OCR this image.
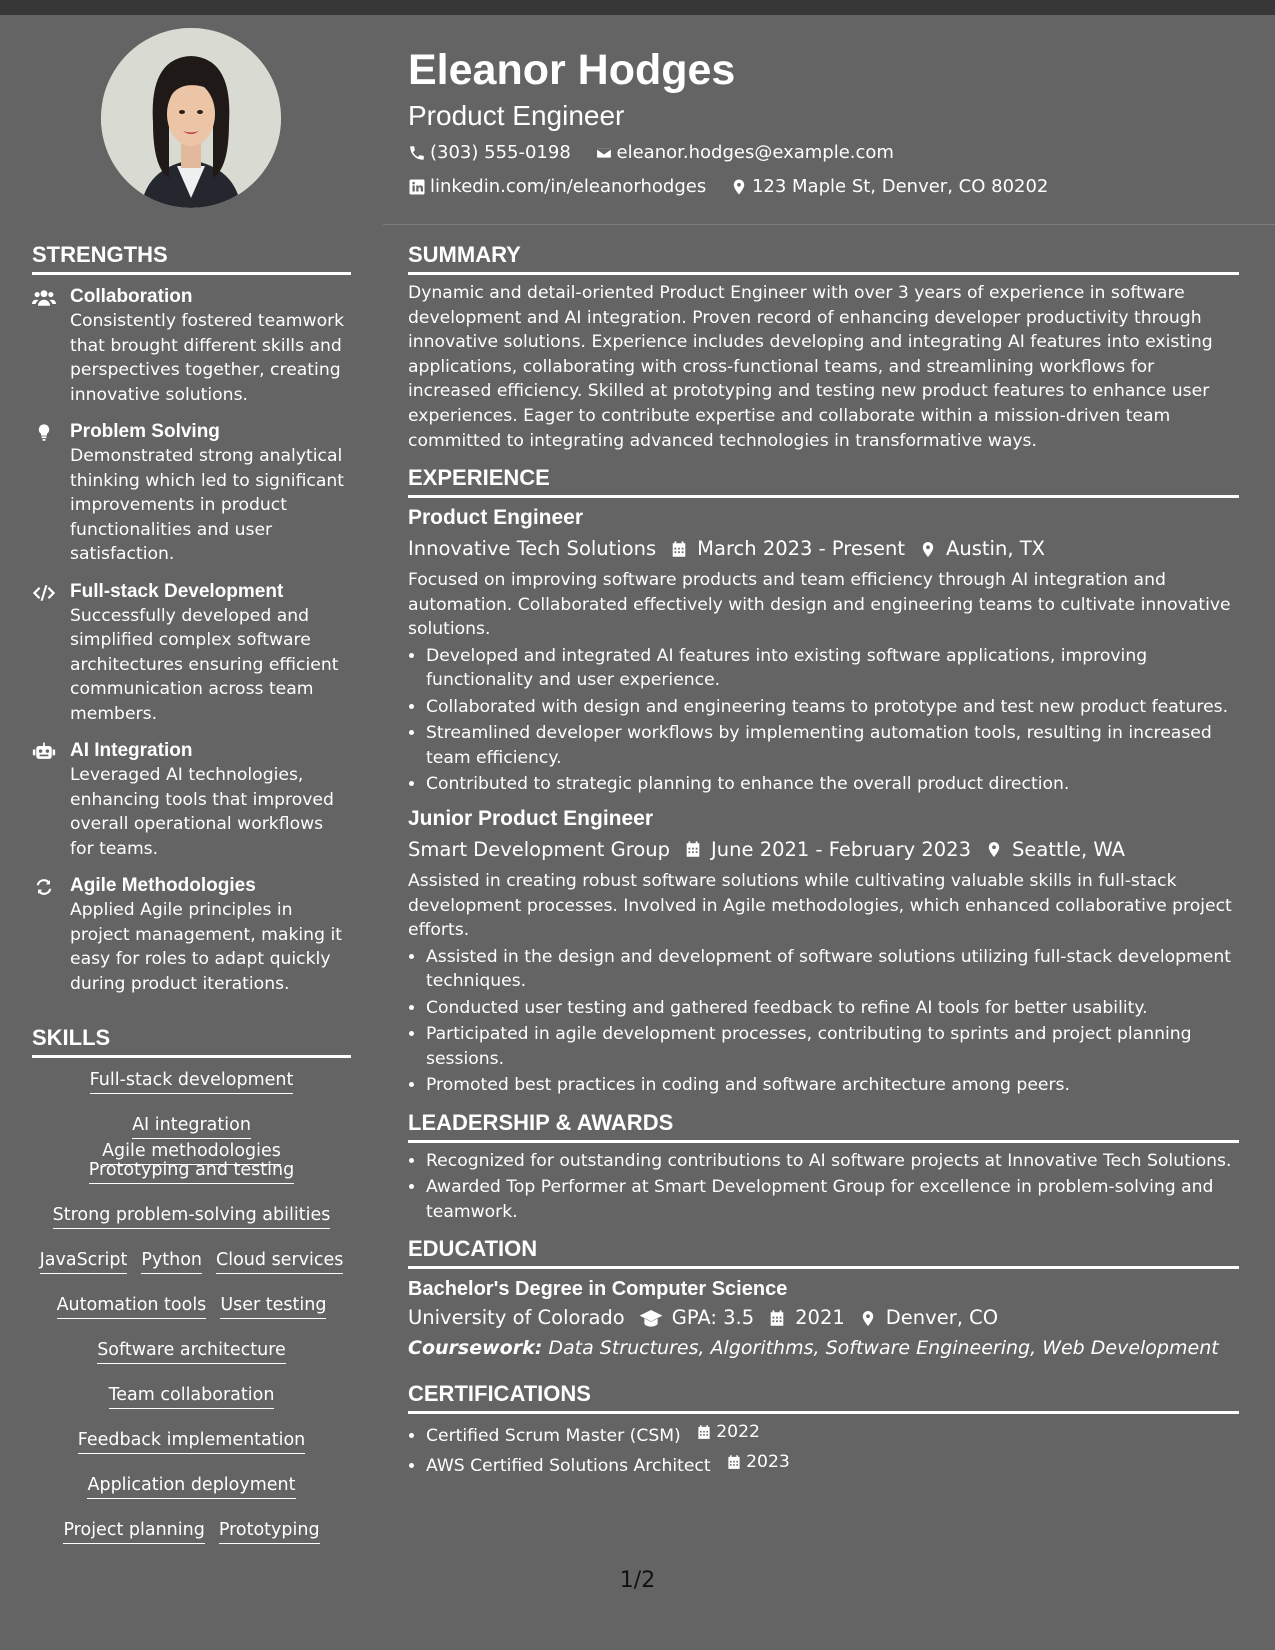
Eleanor Hodges
Product Engineer
(303) 555-0198
	eleanor.hodges@example.com
linkedin.com/in/eleanorhodges
	123 Maple St, Denver, CO 80202
STRENGTHS
Collaboration
Consistently fostered teamwork that brought different skills and perspectives together, creating innovative solutions.
Problem Solving
Demonstrated strong analytical thinking which led to significant improvements in product functionalities and user satisfaction.
Full-stack Development
Successfully developed and simplified complex software architectures ensuring efficient communication across team members.
AI Integration
Leveraged AI technologies, enhancing tools that improved overall operational workflows for teams.
Agile Methodologies
Applied Agile principles in project management, making it easy for roles to adapt quickly during product iterations.
SKILLS
Full-stack development
AI integrationAgile methodologies
Prototyping and testing
Strong problem-solving abilities
JavaScript Python Cloud services
Automation tools User testing
Software architecture
Team collaboration
Feedback implementation
Application deployment
Project planning Prototyping
SUMMARY

Dynamic and detail-oriented Product Engineer with over 3 years of experience in software development and AI integration. Proven record of enhancing developer productivity through innovative solutions. Experience includes developing and integrating AI features into existing applications, collaborating with cross-functional teams, and streamlining workflows for increased efficiency. Skilled at prototyping and testing new product features to enhance user experiences. Eager to contribute expertise and collaborate within a mission-driven team committed to integrating advanced technologies in transformative ways.

EXPERIENCE
Product Engineer
Innovative Tech Solutions March 2023 - Present Austin, TX

Focused on improving software products and team efficiency through AI integration and automation. Collaborated effectively with design and engineering teams to cultivate innovative solutions.

• Developed and integrated AI features into existing software applications, improving functionality and user experience.
• Collaborated with design and engineering teams to prototype and test new product features.
• Streamlined developer workflows by implementing automation tools, resulting in increased team efficiency.
• Contributed to strategic planning to enhance the overall product direction.
Junior Product Engineer
Smart Development Group June 2021 - February 2023 Seattle, WA

Assisted in creating robust software solutions while cultivating valuable skills in full-stack development processes. Involved in Agile methodologies, which enhanced collaborative project efforts.

• Assisted in the design and development of software solutions utilizing full-stack development techniques.
• Conducted user testing and gathered feedback to refine AI tools for better usability.
• Participated in agile development processes, contributing to sprints and project planning sessions.
• Promoted best practices in coding and software architecture among peers.
LEADERSHIP & AWARDS
• Recognized for outstanding contributions to AI software projects at Innovative Tech Solutions.
• Awarded Top Performer at Smart Development Group for excellence in problem-solving and teamwork.
EDUCATION
Bachelor's Degree in Computer Science
University of Colorado GPA: 3.5 2021 Denver, CO
Coursework: Data Structures, Algorithms, Software Engineering, Web Development
CERTIFICATIONS
• Certified Scrum Master (CSM) 2022
• AWS Certified Solutions Architect 2023
1/2
